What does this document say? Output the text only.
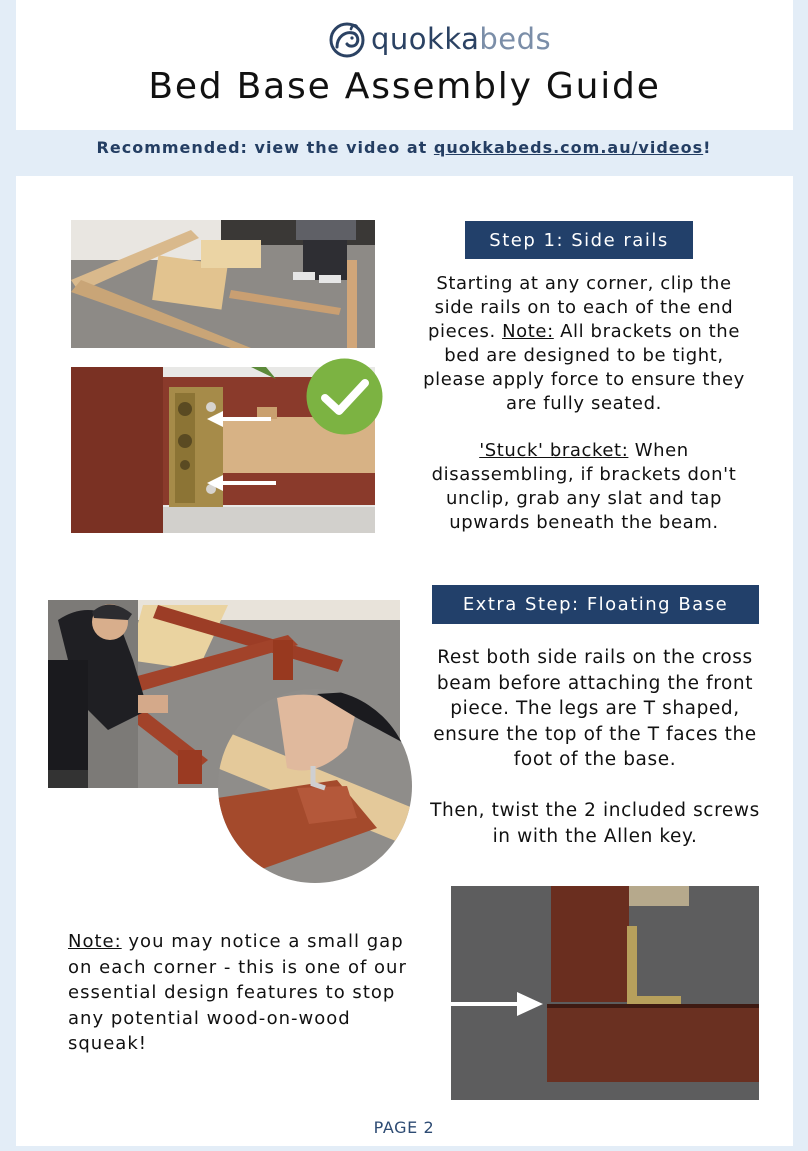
quokkabeds
Bed Base Assembly Guide
Recommended: view the video at quokkabeds.com.au/videos!
Step 1: Side rails
Starting at any corner, clip the side rails on to each of the end pieces. Note: All brackets on the bed are designed to be tight, please apply force to ensure they are fully seated.
'Stuck' bracket: When disassembling, if brackets don't unclip, grab any slat and tap upwards beneath the beam.
Extra Step: Floating Base
Rest both side rails on the cross beam before attaching the front piece. The legs are T shaped, ensure the top of the T faces the foot of the base.
Then, twist the 2 included screws in with the Allen key.
Note: you may notice a small gap on each corner - this is one of our essential design features to stop any potential wood-on-wood squeak!
PAGE 2
